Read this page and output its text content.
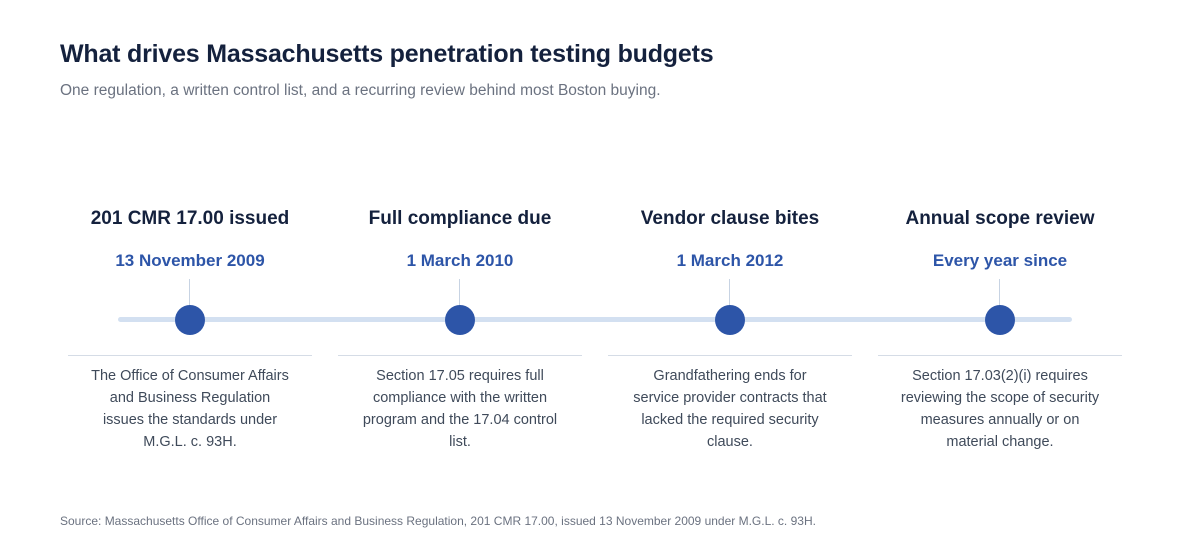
What drives Massachusetts penetration testing budgets

One regulation, a written control list, and a recurring review behind most Boston buying.

201 CMR 17.00 issued
13 November 2009
The Office of Consumer Affairs and Business Regulation issues the standards under M.G.L. c. 93H.
Full compliance due
1 March 2010
Section 17.05 requires full compliance with the written program and the 17.04 control list.
Vendor clause bites
1 March 2012
Grandfathering ends for service provider contracts that lacked the required security clause.
Annual scope review
Every year since
Section 17.03(2)(i) requires reviewing the scope of security measures annually or on material change.

Source: Massachusetts Office of Consumer Affairs and Business Regulation, 201 CMR 17.00, issued 13 November 2009 under M.G.L. c. 93H.
